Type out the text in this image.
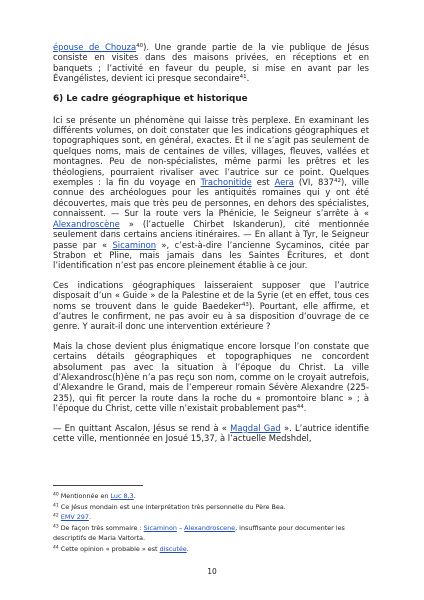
épouse de Chouza$^{40}$). Une grande partie de la vie publique de Jésus consiste en visites dans des maisons privées, en réceptions et en banquets ; l’activité en faveur du peuple, si mise en avant par les Évangélistes, devient ici presque secondaire$^{41}$.

6) Le cadre géographique et historique

Ici se présente un phénomène qui laisse très perplexe. En examinant les différents volumes, on doit constater que les indications géographiques et topographiques sont, en général, exactes. Et il ne s’agit pas seulement de quelques noms, mais de centaines de villes, villages, fleuves, vallées et montagnes. Peu de non-spécialistes, même parmi les prêtres et les théologiens, pourraient rivaliser avec l’autrice sur ce point. Quelques exemples : la fin du voyage en Trachonitide est Aera (VI, $837^{42}$), ville connue des archéologues pour les antiquités romaines qui y ont été découvertes, mais que très peu de personnes, en dehors des spécialistes, connaissent. — Sur la route vers la Phénicie, le Seigneur s’arrête à « Alexandroscène » (l’actuelle Chirbet Iskanderun), cité mentionnée seulement dans certains anciens itinéraires. — En allant à Tyr, le Seigneur passe par « Sicaminon », c’est-à-dire l’ancienne Sycaminos, citée par Strabon et Pline, mais jamais dans les Saintes Écritures, et dont l’identification n’est pas encore pleinement établie à ce jour.

Ces indications géographiques laisseraient supposer que l’autrice disposait d’un « Guide » de la Palestine et de la Syrie (et en effet, tous ces noms se trouvent dans le guide Baedeker$^{43}$). Pourtant, elle affirme, et d’autres le confirment, ne pas avoir eu à sa disposition d’ouvrage de ce genre. Y aurait-il donc une intervention extérieure ?

Mais la chose devient plus énigmatique encore lorsque l’on constate que certains détails géographiques et topographiques ne concordent absolument pas avec la situation à l’époque du Christ. La ville d’Alexandrosc(h)ène n’a pas reçu son nom, comme on le croyait autrefois, d’Alexandre le Grand, mais de l’empereur romain Sévère Alexandre (225-235), qui fit percer la route dans la roche du « promontoire blanc » ; à l’époque du Christ, cette ville n’existait probablement pas$^{44}$.

— En quittant Ascalon, Jésus se rend à « Magdal Gad ». L’autrice identifie cette ville, mentionnée en Josué 15,37, à l’actuelle Medshdel,

$^{40}$ Mentionnée en Luc 8,3.
$^{41}$ Ce Jésus mondain est une interprétation très personnelle du Père Bea.
$^{42}$ EMV 297.
$^{43}$ De façon très sommaire : Sicaminon – Alexandroscene, insuffisante pour documenter les descriptifs de Maria Valtorta.
$^{44}$ Cette opinion « probable » est discutée.
10
